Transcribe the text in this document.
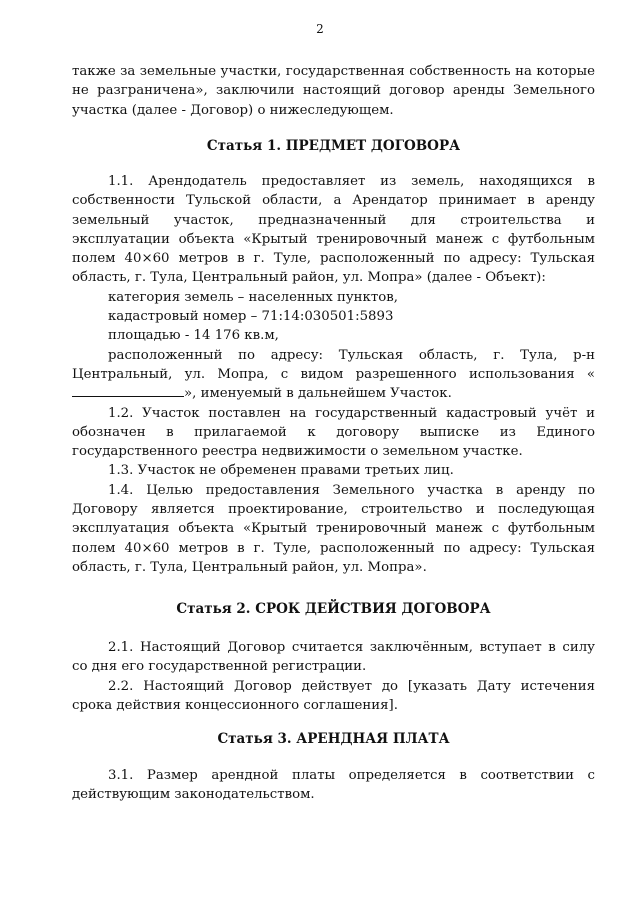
2

также за земельные участки, государственная собственность на которые не разграничена», заключили настоящий договор аренды Земельного участка (далее - Договор) о нижеследующем.

Статья 1. ПРЕДМЕТ ДОГОВОРА

1.1. Арендодатель предоставляет из земель, находящихся в собственности Тульской области, а Арендатор принимает в аренду земельный участок, предназначенный для строительства и эксплуатации объекта «Крытый тренировочный манеж с футбольным полем 40×60 метров в г. Туле, расположенный по адресу: Тульская область, г. Тула, Центральный район, ул. Мопра» (далее - Объект):

категория земель – населенных пунктов,

кадастровый номер – 71:14:030501:5893

площадью - 14 176 кв.м,

расположенный по адресу: Тульская область, г. Тула, р-н Центральный, ул. Мопра, с видом разрешенного использования «», именуемый в дальнейшем Участок.

1.2. Участок поставлен на государственный кадастровый учёт и обозначен в прилагаемой к договору выписке из Единого государственного реестра недвижимости о земельном участке.

1.3. Участок не обременен правами третьих лиц.

1.4. Целью предоставления Земельного участка в аренду по Договору является проектирование, строительство и последующая эксплуатация объекта «Крытый тренировочный манеж с футбольным полем 40×60 метров в г. Туле, расположенный по адресу: Тульская область, г. Тула, Центральный район, ул. Мопра».

Статья 2. СРОК ДЕЙСТВИЯ ДОГОВОРА

2.1. Настоящий Договор считается заключённым, вступает в силу со дня его государственной регистрации.

2.2. Настоящий Договор действует до [указать Дату истечения срока действия концессионного соглашения].

Статья 3. АРЕНДНАЯ ПЛАТА

3.1. Размер арендной платы определяется в соответствии с действующим законодательством.
